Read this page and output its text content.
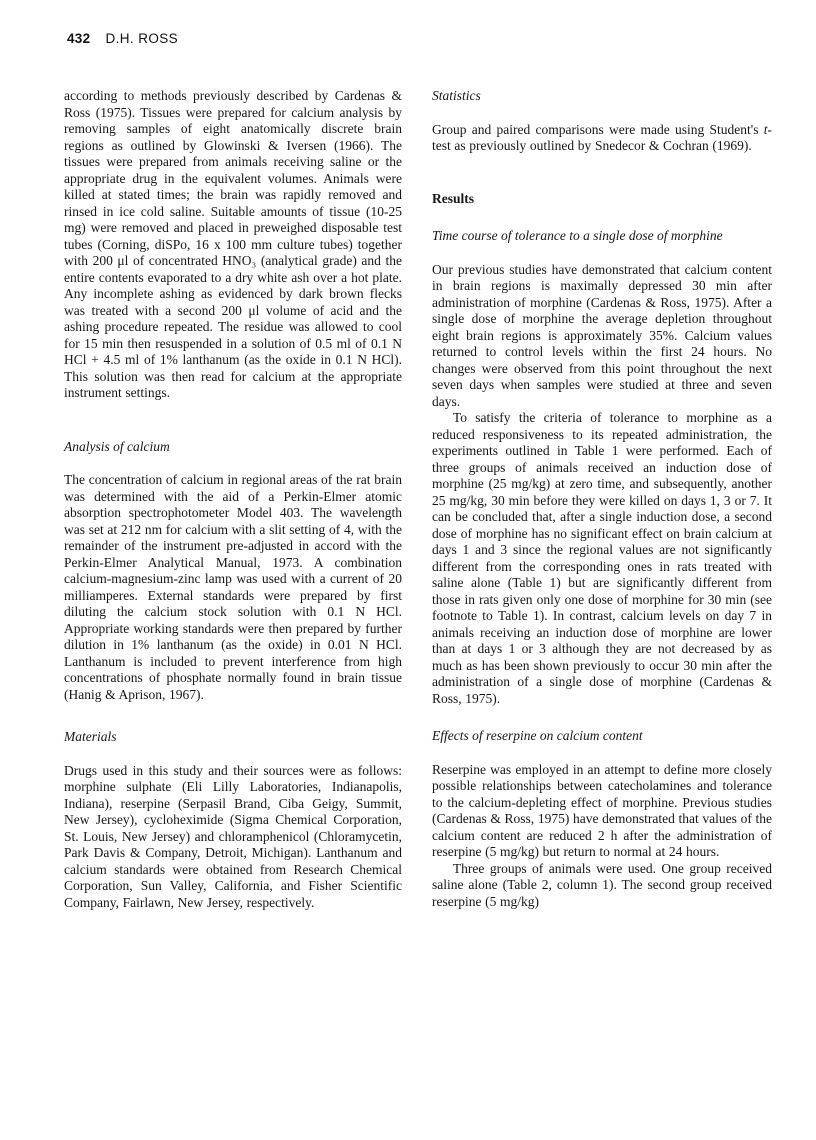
432 D.H. ROSS

according to methods previously described by Cardenas & Ross (1975). Tissues were prepared for calcium analysis by removing samples of eight anatomically discrete brain regions as outlined by Glowinski & Iversen (1966). The tissues were prepared from animals receiving saline or the appropriate drug in the equivalent volumes. Animals were killed at stated times; the brain was rapidly removed and rinsed in ice cold saline. Suitable amounts of tissue (10-25 mg) were removed and placed in preweighed disposable test tubes (Corning, diSPo, 16 x 100 mm culture tubes) together with 200 μl of concentrated HNO₃ (analytical grade) and the entire contents evaporated to a dry white ash over a hot plate. Any incomplete ashing as evidenced by dark brown flecks was treated with a second 200 μl volume of acid and the ashing procedure repeated. The residue was allowed to cool for 15 min then resuspended in a solution of 0.5 ml of 0.1 N HCl + 4.5 ml of 1% lanthanum (as the oxide in 0.1 N HCl). This solution was then read for calcium at the appropriate instrument settings.

Analysis of calcium

The concentration of calcium in regional areas of the rat brain was determined with the aid of a Perkin-Elmer atomic absorption spectrophotometer Model 403. The wavelength was set at 212 nm for calcium with a slit setting of 4, with the remainder of the instrument pre-adjusted in accord with the Perkin-Elmer Analytical Manual, 1973. A combination calcium-magnesium-zinc lamp was used with a current of 20 milliamperes. External standards were prepared by first diluting the calcium stock solution with 0.1 N HCl. Appropriate working standards were then prepared by further dilution in 1% lanthanum (as the oxide) in 0.01 N HCl. Lanthanum is included to prevent interference from high concentrations of phosphate normally found in brain tissue (Hanig & Aprison, 1967).

Materials

Drugs used in this study and their sources were as follows: morphine sulphate (Eli Lilly Laboratories, Indianapolis, Indiana), reserpine (Serpasil Brand, Ciba Geigy, Summit, New Jersey), cycloheximide (Sigma Chemical Corporation, St. Louis, New Jersey) and chloramphenicol (Chloramycetin, Park Davis & Company, Detroit, Michigan). Lanthanum and calcium standards were obtained from Research Chemical Corporation, Sun Valley, California, and Fisher Scientific Company, Fairlawn, New Jersey, respectively.

Statistics

Group and paired comparisons were made using Student's t-test as previously outlined by Snedecor & Cochran (1969).

Results
Time course of tolerance to a single dose of morphine

Our previous studies have demonstrated that calcium content in brain regions is maximally depressed 30 min after administration of morphine (Cardenas & Ross, 1975). After a single dose of morphine the average depletion throughout eight brain regions is approximately 35%. Calcium values returned to control levels within the first 24 hours. No changes were observed from this point throughout the next seven days when samples were studied at three and seven days.

To satisfy the criteria of tolerance to morphine as a reduced responsiveness to its repeated administration, the experiments outlined in Table 1 were performed. Each of three groups of animals received an induction dose of morphine (25 mg/kg) at zero time, and subsequently, another 25 mg/kg, 30 min before they were killed on days 1, 3 or 7. It can be concluded that, after a single induction dose, a second dose of morphine has no significant effect on brain calcium at days 1 and 3 since the regional values are not significantly different from the corresponding ones in rats treated with saline alone (Table 1) but are significantly different from those in rats given only one dose of morphine for 30 min (see footnote to Table 1). In contrast, calcium levels on day 7 in animals receiving an induction dose of morphine are lower than at days 1 or 3 although they are not decreased by as much as has been shown previously to occur 30 min after the administration of a single dose of morphine (Cardenas & Ross, 1975).

Effects of reserpine on calcium content

Reserpine was employed in an attempt to define more closely possible relationships between catecholamines and tolerance to the calcium-depleting effect of morphine. Previous studies (Cardenas & Ross, 1975) have demonstrated that values of the calcium content are reduced 2 h after the administration of reserpine (5 mg/kg) but return to normal at 24 hours.

Three groups of animals were used. One group received saline alone (Table 2, column 1). The second group received reserpine (5 mg/kg)
